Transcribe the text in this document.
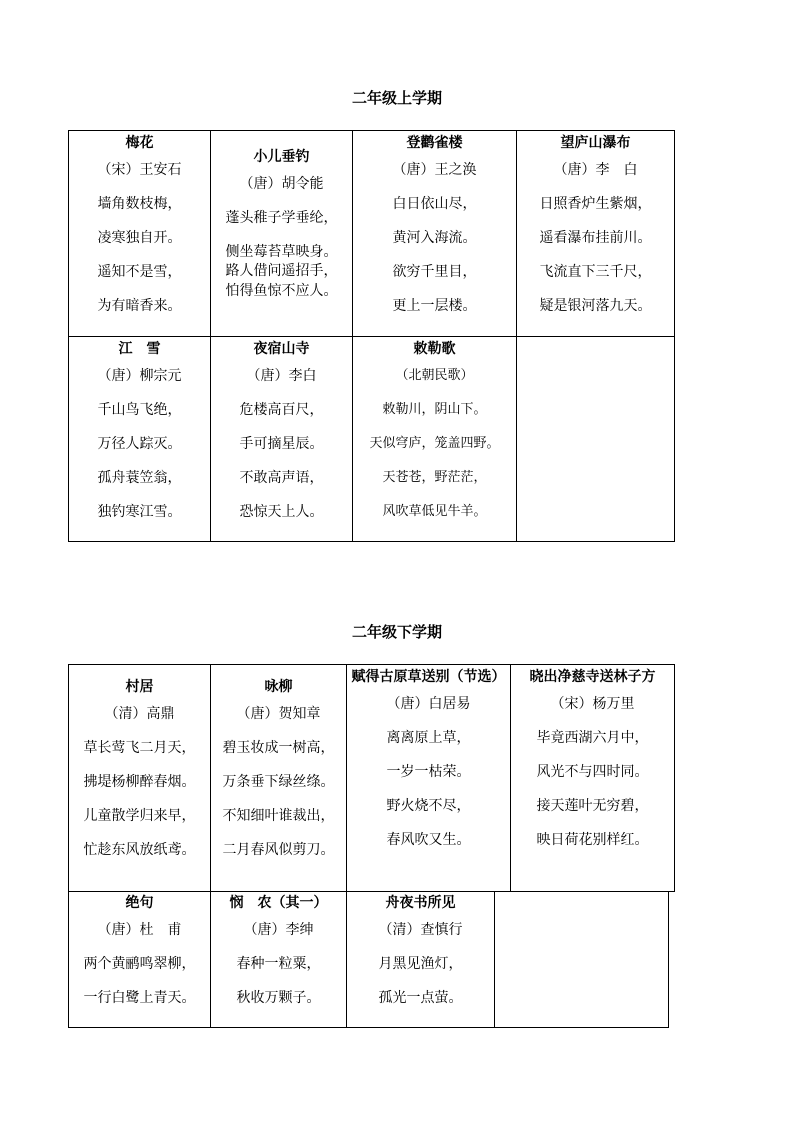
二年级上学期
梅花
（宋）王安石
墙角数枝梅，
凌寒独自开。
遥知不是雪，
为有暗香来。
小儿垂钓
（唐）胡令能
蓬头稚子学垂纶，
侧坐莓苔草映身。
路人借问遥招手，
怕得鱼惊不应人。
登鹳雀楼
（唐）王之涣
白日依山尽，
黄河入海流。
欲穷千里目，
更上一层楼。
望庐山瀑布
（唐）李　白
日照香炉生紫烟，
遥看瀑布挂前川。
飞流直下三千尺，
疑是银河落九天。
江　雪
（唐）柳宗元
千山鸟飞绝，
万径人踪灭。
孤舟蓑笠翁，
独钓寒江雪。
夜宿山寺
（唐）李白
危楼高百尺，
手可摘星辰。
不敢高声语，
恐惊天上人。
敕勒歌
（北朝民歌）
敕勒川，阴山下。
天似穹庐，笼盖四野。
天苍苍，野茫茫，
风吹草低见牛羊。
二年级下学期
村居
（清）高鼎
草长莺飞二月天，
拂堤杨柳醉春烟。
儿童散学归来早，
忙趁东风放纸鸢。
咏柳
（唐）贺知章
碧玉妆成一树高，
万条垂下绿丝绦。
不知细叶谁裁出，
二月春风似剪刀。
赋得古原草送别（节选）
（唐）白居易
离离原上草，
一岁一枯荣。
野火烧不尽，
春风吹又生。
晓出净慈寺送林子方
（宋）杨万里
毕竟西湖六月中，
风光不与四时同。
接天莲叶无穷碧，
映日荷花别样红。
绝句
（唐）杜　甫
两个黄鹂鸣翠柳，
一行白鹭上青天。
悯　农（其一）
（唐）李绅
春种一粒粟，
秋收万颗子。
舟夜书所见
（清）查慎行
月黑见渔灯，
孤光一点萤。
